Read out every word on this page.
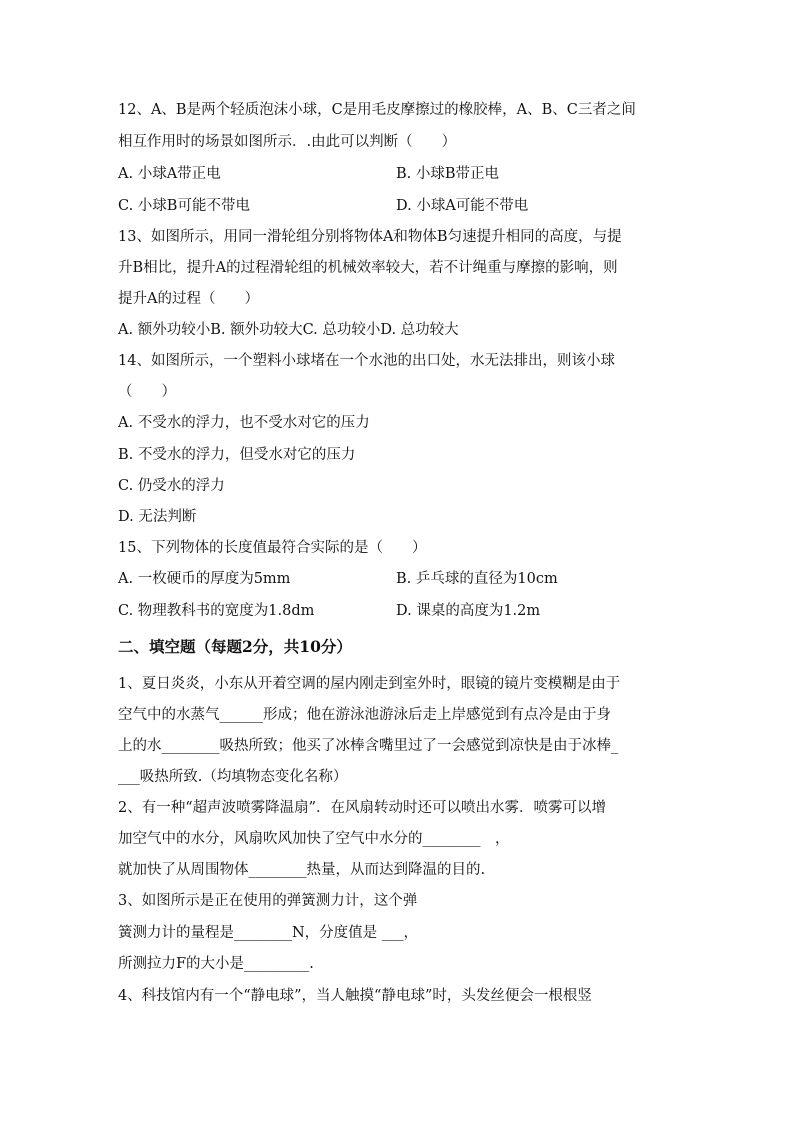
12、A、B是两个轻质泡沫小球，C是用毛皮摩擦过的橡胶棒，A、B、C三者之间
相互作用时的场景如图所示．.由此可以判断（　　）
A. 小球A带正电	B. 小球B带正电
C. 小球B可能不带电	D. 小球A可能不带电
13、如图所示，用同一滑轮组分别将物体A和物体B匀速提升相同的高度，与提
升B相比，提升A的过程滑轮组的机械效率较大，若不计绳重与摩擦的影响，则
提升A的过程（　　）
A. 额外功较小B. 额外功较大C. 总功较小D. 总功较大
14、如图所示，一个塑料小球堵在一个水池的出口处，水无法排出，则该小球
（　　）
A. 不受水的浮力，也不受水对它的压力
B. 不受水的浮力，但受水对它的压力
C. 仍受水的浮力
D. 无法判断
15、下列物体的长度值最符合实际的是（　　）
A. 一枚硬币的厚度为5mm	B. 乒乓球的直径为10cm
C. 物理教科书的宽度为1.8dm	D. 课桌的高度为1.2m
二、填空题（每题2分，共10分）
1、夏日炎炎，小东从开着空调的屋内刚走到室外时，眼镜的镜片变模糊是由于
空气中的水蒸气______形成；他在游泳池游泳后走上岸感觉到有点冷是由于身
上的水________吸热所致；他买了冰棒含嘴里过了一会感觉到凉快是由于冰棒_
___吸热所致.（均填物态变化名称）
2、有一种“超声波喷雾降温扇”．在风扇转动时还可以喷出水雾．喷雾可以增
加空气中的水分，风扇吹风加快了空气中水分的________　，
就加快了从周围物体________热量，从而达到降温的目的.
3、如图所示是正在使用的弹簧测力计，这个弹
簧测力计的量程是________N，分度值是 ___，
所测拉力F的大小是_________.
4、科技馆内有一个“静电球”，当人触摸“静电球”时，头发丝便会一根根竖
